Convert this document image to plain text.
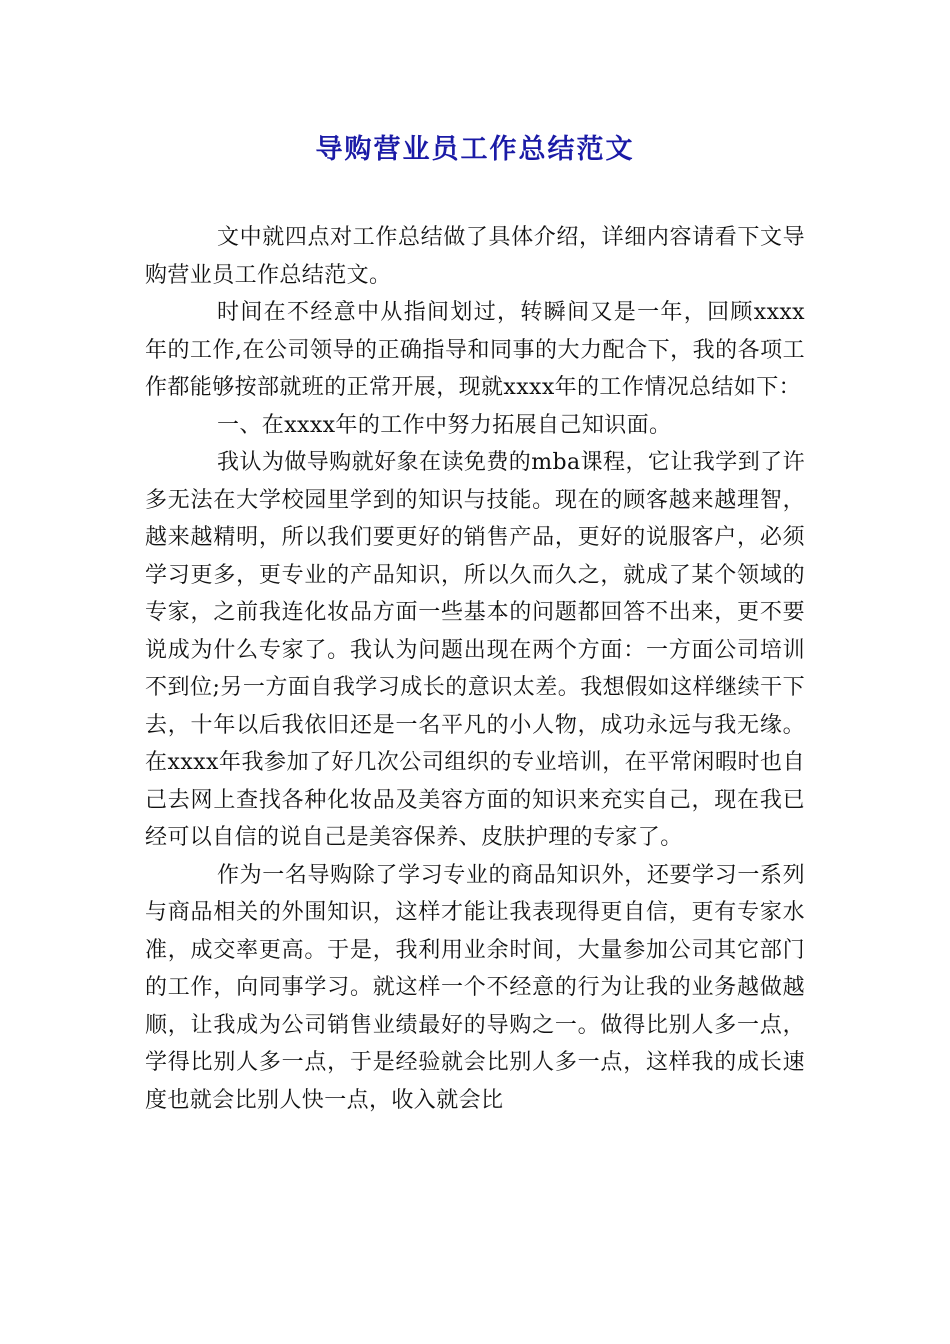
导购营业员工作总结范文

文中就四点对工作总结做了具体介绍，详细内容请看下文导购营业员工作总结范文。

时间在不经意中从指间划过，转瞬间又是一年，回顾xxxx年的工作,在公司领导的正确指导和同事的大力配合下，我的各项工作都能够按部就班的正常开展，现就xxxx年的工作情况总结如下：

一、在xxxx年的工作中努力拓展自己知识面。

我认为做导购就好象在读免费的mba课程，它让我学到了许多无法在大学校园里学到的知识与技能。现在的顾客越来越理智，越来越精明，所以我们要更好的销售产品，更好的说服客户，必须学习更多，更专业的产品知识，所以久而久之，就成了某个领域的专家，之前我连化妆品方面一些基本的问题都回答不出来，更不要说成为什么专家了。我认为问题出现在两个方面：一方面公司培训不到位;另一方面自我学习成长的意识太差。我想假如这样继续干下去，十年以后我依旧还是一名平凡的小人物，成功永远与我无缘。在xxxx年我参加了好几次公司组织的专业培训，在平常闲暇时也自己去网上查找各种化妆品及美容方面的知识来充实自己，现在我已经可以自信的说自己是美容保养、皮肤护理的专家了。

作为一名导购除了学习专业的商品知识外，还要学习一系列与商品相关的外围知识，这样才能让我表现得更自信，更有专家水准，成交率更高。于是，我利用业余时间，大量参加公司其它部门的工作，向同事学习。就这样一个不经意的行为让我的业务越做越顺，让我成为公司销售业绩最好的导购之一。做得比别人多一点，学得比别人多一点，于是经验就会比别人多一点，这样我的成长速度也就会比别人快一点，收入就会比
